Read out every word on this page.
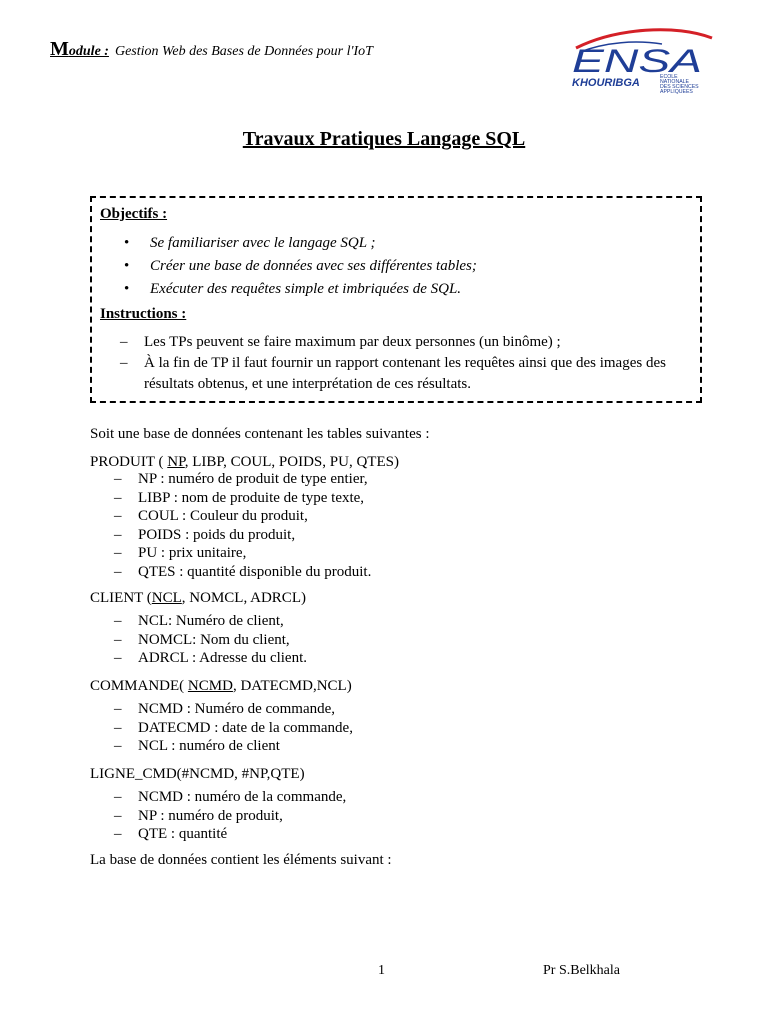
Module : Gestion Web des Bases de Données pour l'IoT	ENSA
KHOURIBGA	ECOLE
NATIONALE
DES SCIENCES
APPLIQUEES
Travaux Pratiques Langage SQL
Objectifs :
• Se familiariser avec le langage SQL ;
• Créer une base de données avec ses différentes tables;
• Exécuter des requêtes simple et imbriquées de SQL.
Instructions :
– Les TPs peuvent se faire maximum par deux personnes (un binôme) ;
– À la fin de TP il faut fournir un rapport contenant les requêtes ainsi que des images des résultats obtenus, et une interprétation de ces résultats.
Soit une base de données contenant les tables suivantes :
PRODUIT ( NP, LIBP, COUL, POIDS, PU, QTES)
– NP : numéro de produit de type entier,
– LIBP : nom de produite de type texte,
– COUL : Couleur du produit,
– POIDS : poids du produit,
– PU : prix unitaire,
– QTES : quantité disponible du produit.
CLIENT (NCL, NOMCL, ADRCL)
– NCL: Numéro de client,
– NOMCL: Nom du client,
– ADRCL : Adresse du client.
COMMANDE( NCMD, DATECMD,NCL)
– NCMD : Numéro de commande,
– DATECMD : date de la commande,
– NCL : numéro de client
LIGNE_CMD(#NCMD, #NP,QTE)
– NCMD : numéro de la commande,
– NP : numéro de produit,
– QTE : quantité
La base de données contient les éléments suivant :
1	Pr S.Belkhala
